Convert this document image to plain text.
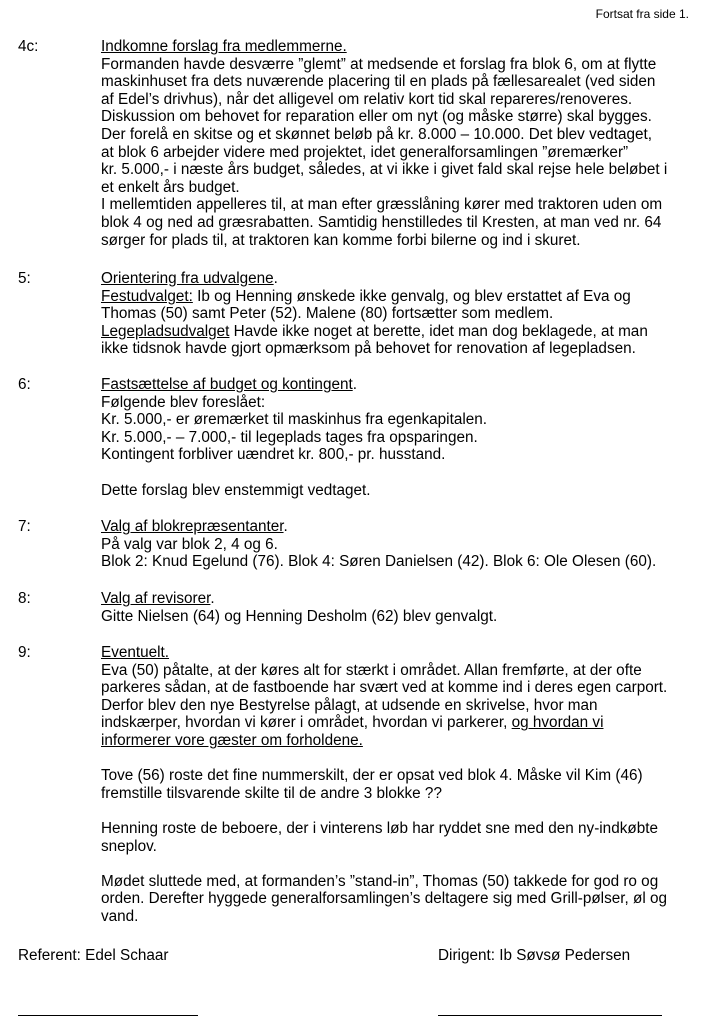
Fortsat fra side 1.
4c:	Indkomne forslag fra medlemmerne.
Formanden havde desværre ”glemt” at medsende et forslag fra blok 6, om at flytte
maskinhuset fra dets nuværende placering til en plads på fællesarealet (ved siden
af Edel’s drivhus), når det alligevel om relativ kort tid skal repareres/renoveres.
Diskussion om behovet for reparation eller om nyt (og måske større) skal bygges.
Der forelå en skitse og et skønnet beløb på kr. 8.000 – 10.000. Det blev vedtaget,
at blok 6 arbejder videre med projektet, idet generalforsamlingen ”øremærker”
kr. 5.000,- i næste års budget, således, at vi ikke i givet fald skal rejse hele beløbet i
et enkelt års budget.
I mellemtiden appelleres til, at man efter græsslåning kører med traktoren uden om
blok 4 og ned ad græsrabatten. Samtidig henstilledes til Kresten, at man ved nr. 64
sørger for plads til, at traktoren kan komme forbi bilerne og ind i skuret.
5:	Orientering fra udvalgene.
Festudvalget: Ib og Henning ønskede ikke genvalg, og blev erstattet af Eva og
Thomas (50) samt Peter (52). Malene (80) fortsætter som medlem.
Legepladsudvalget Havde ikke noget at berette, idet man dog beklagede, at man
ikke tidsnok havde gjort opmærksom på behovet for renovation af legepladsen.
6:	Fastsættelse af budget og kontingent.
Følgende blev foreslået:
Kr. 5.000,- er øremærket til maskinhus fra egenkapitalen.
Kr. 5.000,- – 7.000,- til legeplads tages fra opsparingen.
Kontingent forbliver uændret kr. 800,- pr. husstand.
Dette forslag blev enstemmigt vedtaget.
7:	Valg af blokrepræsentanter.
På valg var blok 2, 4 og 6.
Blok 2: Knud Egelund (76). Blok 4: Søren Danielsen (42). Blok 6: Ole Olesen (60).
8:	Valg af revisorer.
Gitte Nielsen (64) og Henning Desholm (62) blev genvalgt.
9:	Eventuelt.
Eva (50) påtalte, at der køres alt for stærkt i området. Allan fremførte, at der ofte
parkeres sådan, at de fastboende har svært ved at komme ind i deres egen carport.
Derfor blev den nye Bestyrelse pålagt, at udsende en skrivelse, hvor man
indskærper, hvordan vi kører i området, hvordan vi parkerer, og hvordan vi
informerer vore gæster om forholdene.
Tove (56) roste det fine nummerskilt, der er opsat ved blok 4. Måske vil Kim (46)
fremstille tilsvarende skilte til de andre 3 blokke ??
Henning roste de beboere, der i vinterens løb har ryddet sne med den ny-indkøbte
sneplov.
Mødet sluttede med, at formanden’s ”stand-in”, Thomas (50) takkede for god ro og
orden. Derefter hyggede generalforsamlingen’s deltagere sig med Grill-pølser, øl og
vand.
Referent: Edel Schaar	Dirigent: Ib Søvsø Pedersen
